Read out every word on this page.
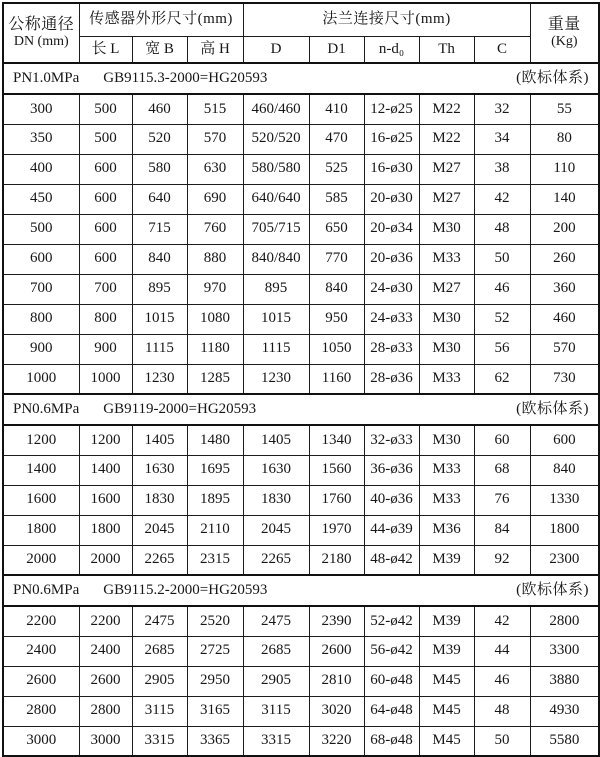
公称通径
DN (mm)	传感器外形尺寸(mm)			法兰连接尺寸(mm)					重量
(Kg)

	长 L	宽 B	高 H	D	D1	n-d₀	Th	C	

PN1.0MPa GB9115.3-2000=HG20593 (欧标体系)									

300	500	460	515	460/460	410	12-ø25	M22	32	55
350	500	520	570	520/520	470	16-ø25	M22	34	80
400	600	580	630	580/580	525	16-ø30	M27	38	110
450	600	640	690	640/640	585	20-ø30	M27	42	140
500	600	715	760	705/715	650	20-ø34	M30	48	200
600	600	840	880	840/840	770	20-ø36	M33	50	260
700	700	895	970	895	840	24-ø30	M27	46	360
800	800	1015	1080	1015	950	24-ø33	M30	52	460
900	900	1115	1180	1115	1050	28-ø33	M30	56	570
1000	1000	1230	1285	1230	1160	28-ø36	M33	62	730

PN0.6MPa GB9119-2000=HG20593 (欧标体系)									

1200	1200	1405	1480	1405	1340	32-ø33	M30	60	600
1400	1400	1630	1695	1630	1560	36-ø36	M33	68	840
1600	1600	1830	1895	1830	1760	40-ø36	M33	76	1330
1800	1800	2045	2110	2045	1970	44-ø39	M36	84	1800
2000	2000	2265	2315	2265	2180	48-ø42	M39	92	2300

PN0.6MPa GB9115.2-2000=HG20593 (欧标体系)									

2200	2200	2475	2520	2475	2390	52-ø42	M39	42	2800
2400	2400	2685	2725	2685	2600	56-ø42	M39	44	3300
2600	2600	2905	2950	2905	2810	60-ø48	M45	46	3880
2800	2800	3115	3165	3115	3020	64-ø48	M45	48	4930
3000	3000	3315	3365	3315	3220	68-ø48	M45	50	5580
